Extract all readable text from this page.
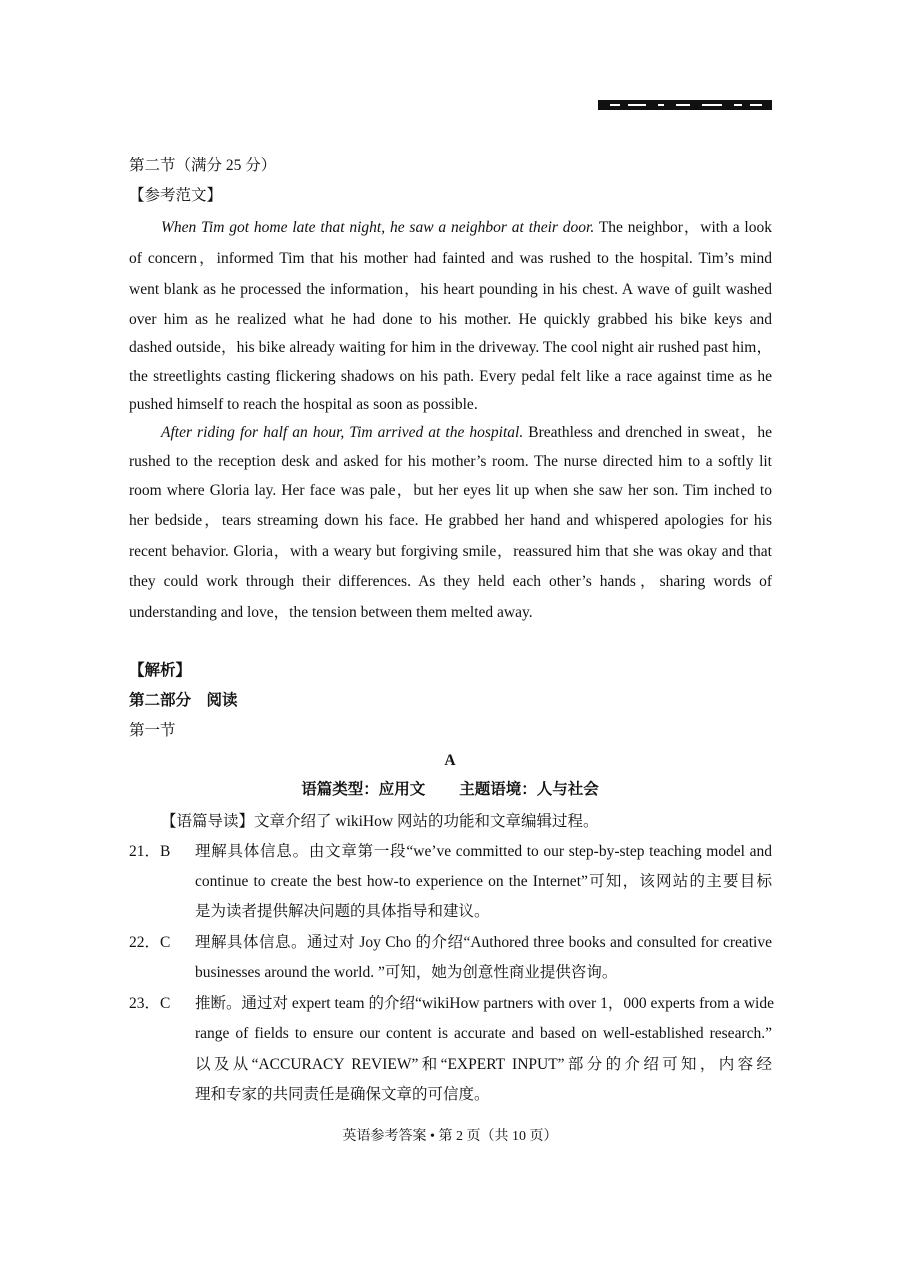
第二节（满分 25 分）
【参考范文】
When Tim got home late that night, he saw a neighbor at their door. The neighbor，with a look
of concern，informed Tim that his mother had fainted and was rushed to the hospital. Tim’s mind
went blank as he processed the information，his heart pounding in his chest. A wave of guilt washed
over him as he realized what he had done to his mother. He quickly grabbed his bike keys and
dashed outside，his bike already waiting for him in the driveway. The cool night air rushed past him，
the streetlights casting flickering shadows on his path. Every pedal felt like a race against time as he
pushed himself to reach the hospital as soon as possible.
After riding for half an hour, Tim arrived at the hospital. Breathless and drenched in sweat，he
rushed to the reception desk and asked for his mother’s room. The nurse directed him to a softly lit
room where Gloria lay. Her face was pale，but her eyes lit up when she saw her son. Tim inched to
her bedside，tears streaming down his face. He grabbed her hand and whispered apologies for his
recent behavior. Gloria，with a weary but forgiving smile，reassured him that she was okay and that
they could work through their differences. As they held each other’s hands，sharing words of
understanding and love，the tension between them melted away.
【解析】
第二部分　阅读
第一节
A
语篇类型：应用文 主题语境：人与社会
【语篇导读】文章介绍了 wikiHow 网站的功能和文章编辑过程。
21．B 理解具体信息。由文章第一段“we’ve committed to our step-by-step teaching model and
continue to create the best how-to experience on the Internet”可知，该网站的主要目标
是为读者提供解决问题的具体指导和建议。
22．C 理解具体信息。通过对 Joy Cho 的介绍“Authored three books and consulted for creative
businesses around the world. ”可知，她为创意性商业提供咨询。
23．C 推断。通过对 expert team 的介绍“wikiHow partners with over 1，000 experts from a wide
range of fields to ensure our content is accurate and based on well-established research.”
以及从“ACCURACY REVIEW”和“EXPERT INPUT”部分的介绍可知，内容经
理和专家的共同责任是确保文章的可信度。
英语参考答案 • 第 2 页（共 10 页）
